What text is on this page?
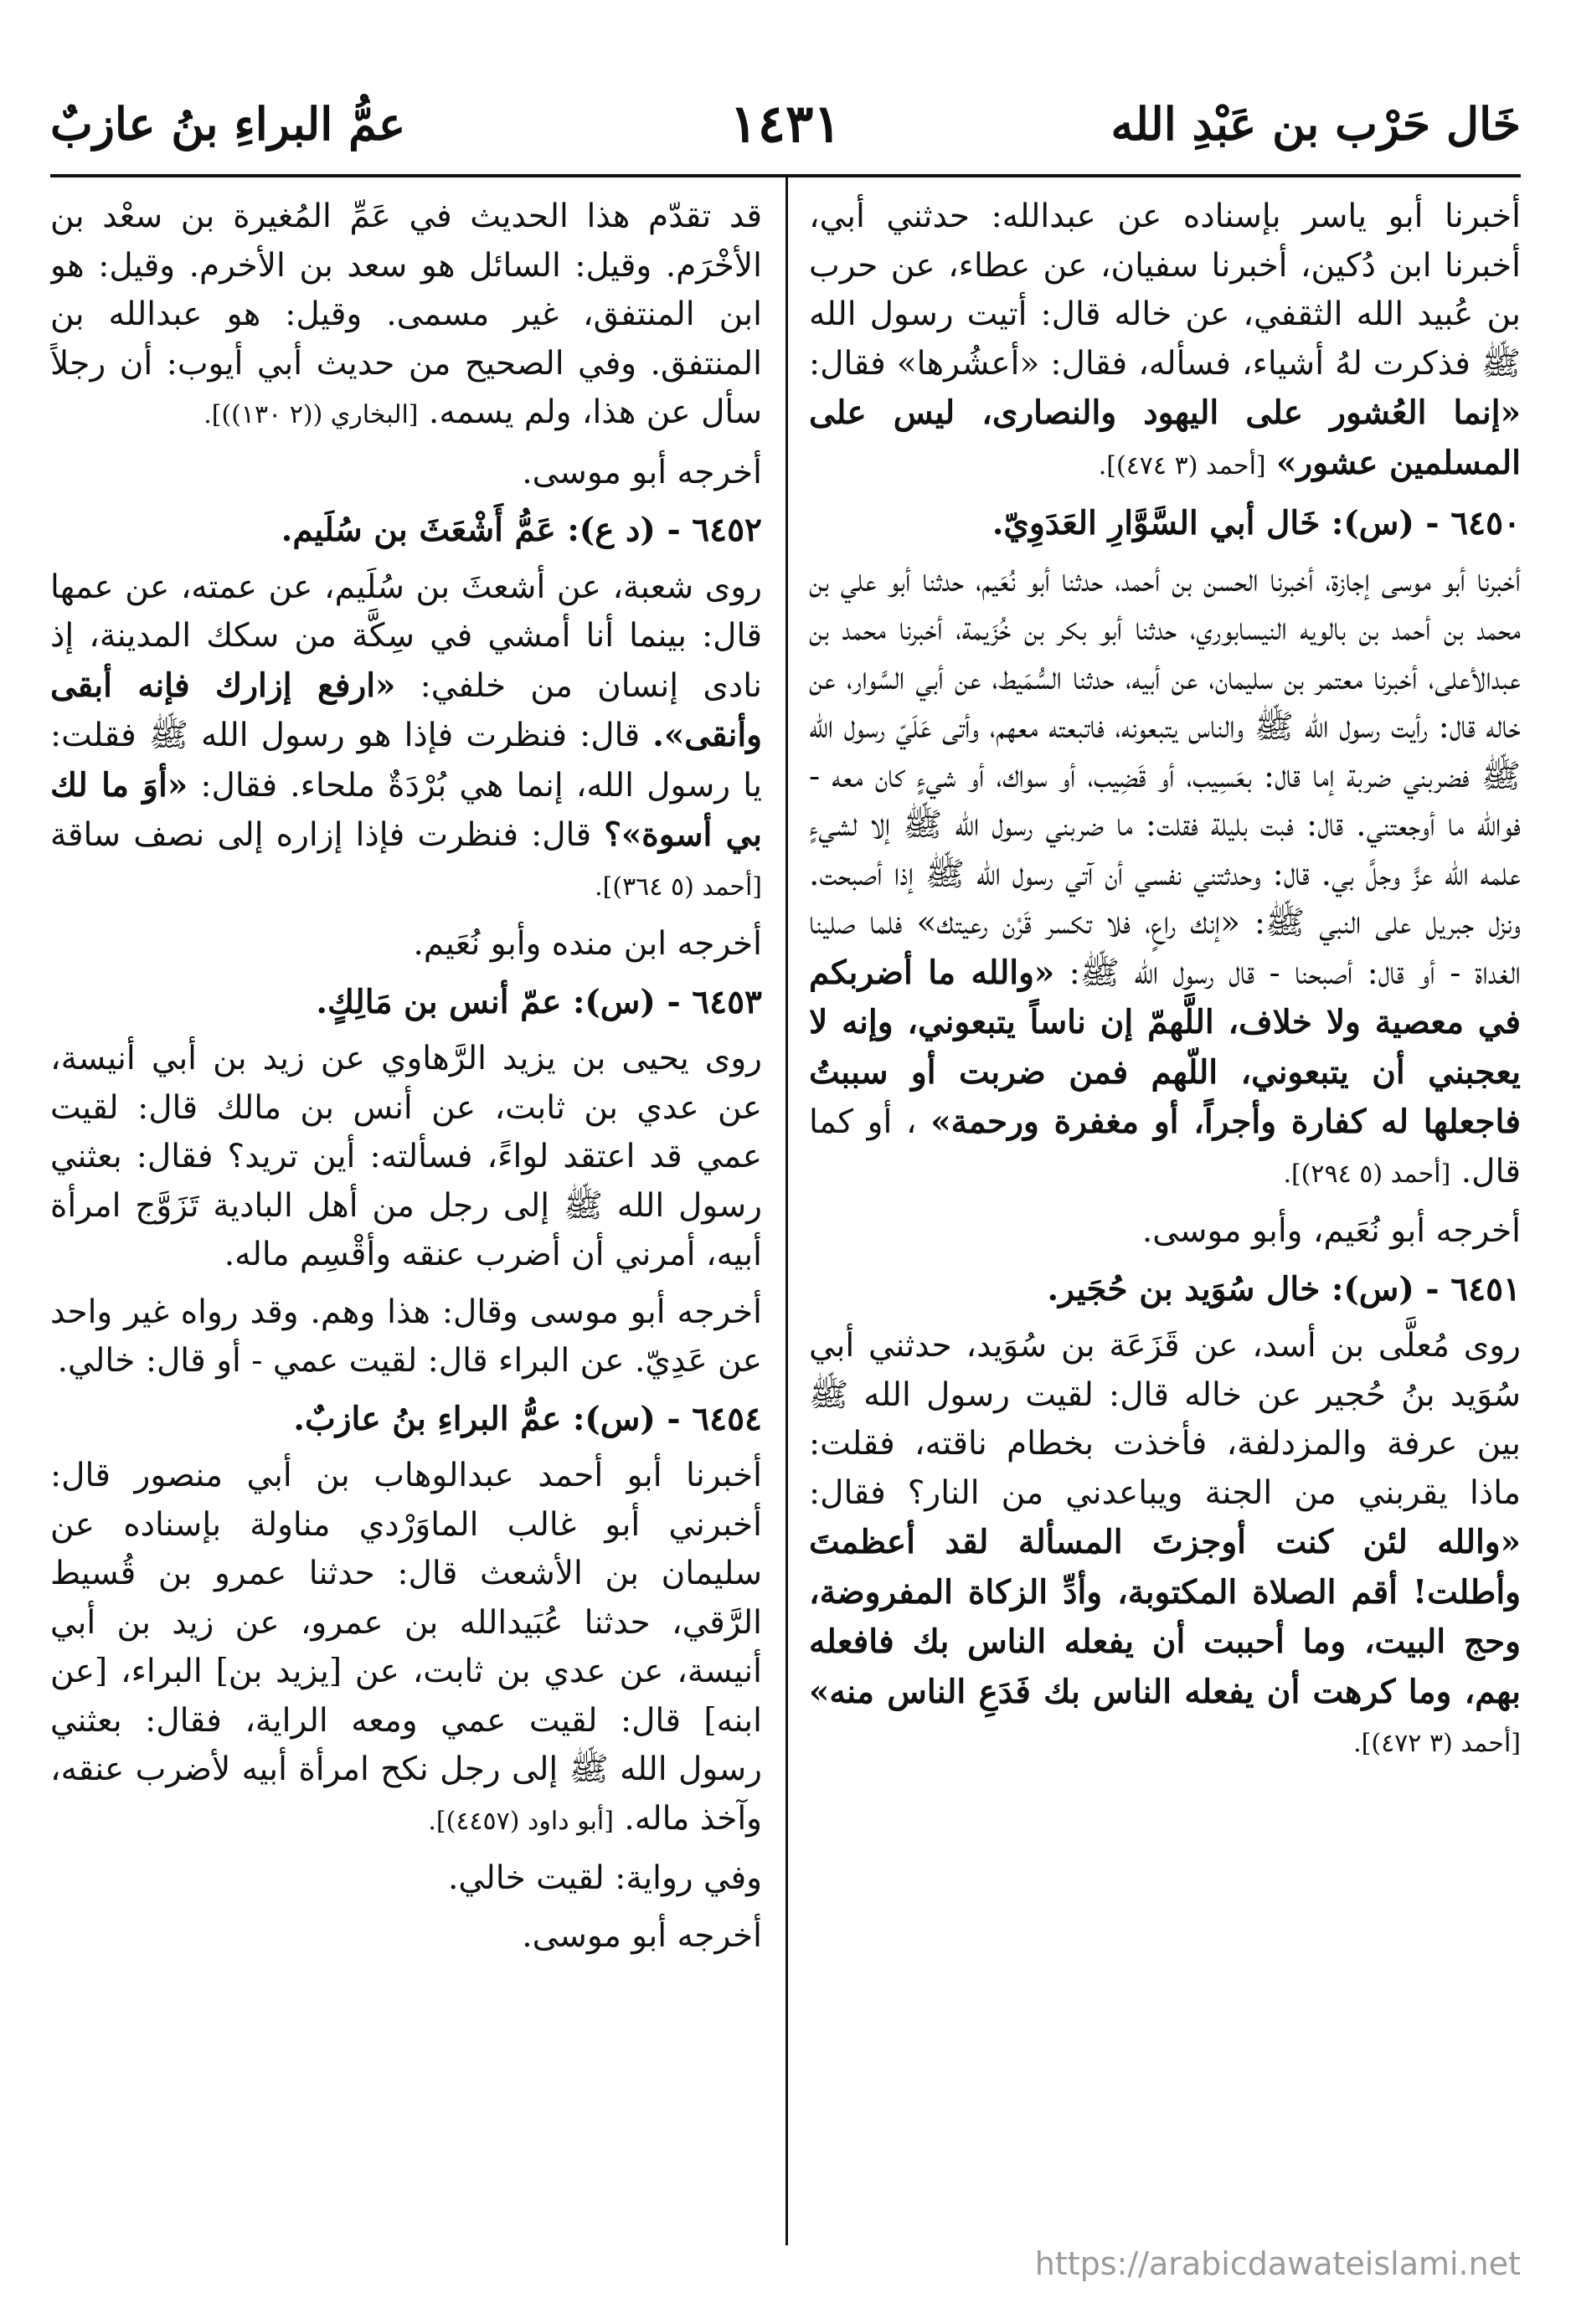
خَال حَرْب بن عَبْدِ الله
١٤٣١
عمُّ البراءِ بنُ عازبٌ

أخبرنا أبو ياسر بإسناده عن عبدالله: حدثني أبي، أخبرنا ابن دُكين، أخبرنا سفيان، عن عطاء، عن حرب بن عُبيد الله الثقفي، عن خاله قال: أتيت رسول الله ﷺ فذكرت لهُ أشياء، فسأله، فقال: «أعشُرها» فقال: «إنما العُشور على اليهود والنصارى، ليس على المسلمين عشور» [أحمد (٣ ٤٧٤)].

٦٤٥٠ - (س): خَال أبي السَّوَّارِ العَدَوِيّ.

أخبرنا أبو موسى إجازة، أخبرنا الحسن بن أحمد، حدثنا أبو نُعَيم، حدثنا أبو علي بن محمد بن أحمد بن بالويه النيسابوري، حدثنا أبو بكر بن خُزَيمة، أخبرنا محمد بن عبدالأعلى، أخبرنا معتمر بن سليمان، عن أبيه، حدثنا السُّمَيط، عن أبي السَّوار، عن خاله قال: رأيت رسول الله ﷺ والناس يتبعونه، فاتبعته معهم، وأتى عَلَيّ رسول الله ﷺ فضربني ضربة إما قال: بعَسِيب، أو قَضِيب، أو سواك، أو شيءٍ كان معه - فوالله ما أوجعتني. قال: فبت بليلة فقلت: ما ضربني رسول الله ﷺ إلا لشيءٍ علمه الله عزَّ وجلَّ بي. قال: وحدثتني نفسي أن آتي رسول الله ﷺ إذا أصبحت. ونزل جبريل على النبي ﷺ: «إنك راعٍ، فلا تكسر قَرْن رعيتك» فلما صلينا الغداة - أو قال: أصبحنا - قال رسول الله ﷺ: «والله ما أضربكم في معصية ولا خلاف، اللَّهمّ إن ناساً يتبعوني، وإنه لا يعجبني أن يتبعوني، اللّهم فمن ضربت أو سببتُ فاجعلها له كفارة وأجراً، أو مغفرة ورحمة» ، أو كما قال. [أحمد (٥ ٢٩٤)].

أخرجه أبو نُعَيم، وأبو موسى.

٦٤٥١ - (س): خال سُوَيد بن حُجَير.

روى مُعلَّى بن أسد، عن قَزَعَة بن سُوَيد، حدثني أبي سُوَيد بنُ حُجير عن خاله قال: لقيت رسول الله ﷺ بين عرفة والمزدلفة، فأخذت بخطام ناقته، فقلت: ماذا يقربني من الجنة ويباعدني من النار؟ فقال: «والله لئن كنت أوجزتَ المسألة لقد أعظمتَ وأطلت! أقم الصلاة المكتوبة، وأدِّ الزكاة المفروضة، وحج البيت، وما أحببت أن يفعله الناس بك فافعله بهم، وما كرهت أن يفعله الناس بك فَدَعِ الناس منه» [أحمد (٣ ٤٧٢)].

قد تقدّم هذا الحديث في عَمِّ المُغيرة بن سعْد بن الأخْرَم. وقيل: السائل هو سعد بن الأخرم. وقيل: هو ابن المنتفق، غير مسمى. وقيل: هو عبدالله بن المنتفق. وفي الصحيح من حديث أبي أيوب: أن رجلاً سأل عن هذا، ولم يسمه. [البخاري ((٢ ١٣٠))].

أخرجه أبو موسى.

٦٤٥٢ - (د ع): عَمُّ أَشْعَثَ بن سُلَيم.

روى شعبة، عن أشعثَ بن سُلَيم، عن عمته، عن عمها قال: بينما أنا أمشي في سِكَّة من سكك المدينة، إذ نادى إنسان من خلفي: «ارفع إزارك فإنه أبقى وأنقى». قال: فنظرت فإذا هو رسول الله ﷺ فقلت: يا رسول الله، إنما هي بُرْدَةٌ ملحاء. فقال: «أوَ ما لك بي أسوة»؟ قال: فنظرت فإذا إزاره إلى نصف ساقة [أحمد (٥ ٣٦٤)].

أخرجه ابن منده وأبو نُعَيم.

٦٤٥٣ - (س): عمّ أنس بن مَالِكٍ.

روى يحيى بن يزيد الرَّهاوي عن زيد بن أبي أنيسة، عن عدي بن ثابت، عن أنس بن مالك قال: لقيت عمي قد اعتقد لواءً، فسألته: أين تريد؟ فقال: بعثني رسول الله ﷺ إلى رجل من أهل البادية تَزَوَّج امرأة أبيه، أمرني أن أضرب عنقه وأقْسِم ماله.

أخرجه أبو موسى وقال: هذا وهم. وقد رواه غير واحد عن عَدِيّ. عن البراء قال: لقيت عمي - أو قال: خالي.

٦٤٥٤ - (س): عمُّ البراءِ بنُ عازبٌ.

أخبرنا أبو أحمد عبدالوهاب بن أبي منصور قال: أخبرني أبو غالب الماوَرْدي مناولة بإسناده عن سليمان بن الأشعث قال: حدثنا عمرو بن قُسيط الرَّقي، حدثنا عُبَيدالله بن عمرو، عن زيد بن أبي أنيسة، عن عدي بن ثابت، عن [يزيد بن] البراء، [عن ابنه] قال: لقيت عمي ومعه الراية، فقال: بعثني رسول الله ﷺ إلى رجل نكح امرأة أبيه لأضرب عنقه، وآخذ ماله. [أبو داود (٤٤٥٧)].

وفي رواية: لقيت خالي.

أخرجه أبو موسى.

https://arabicdawateislami.net
